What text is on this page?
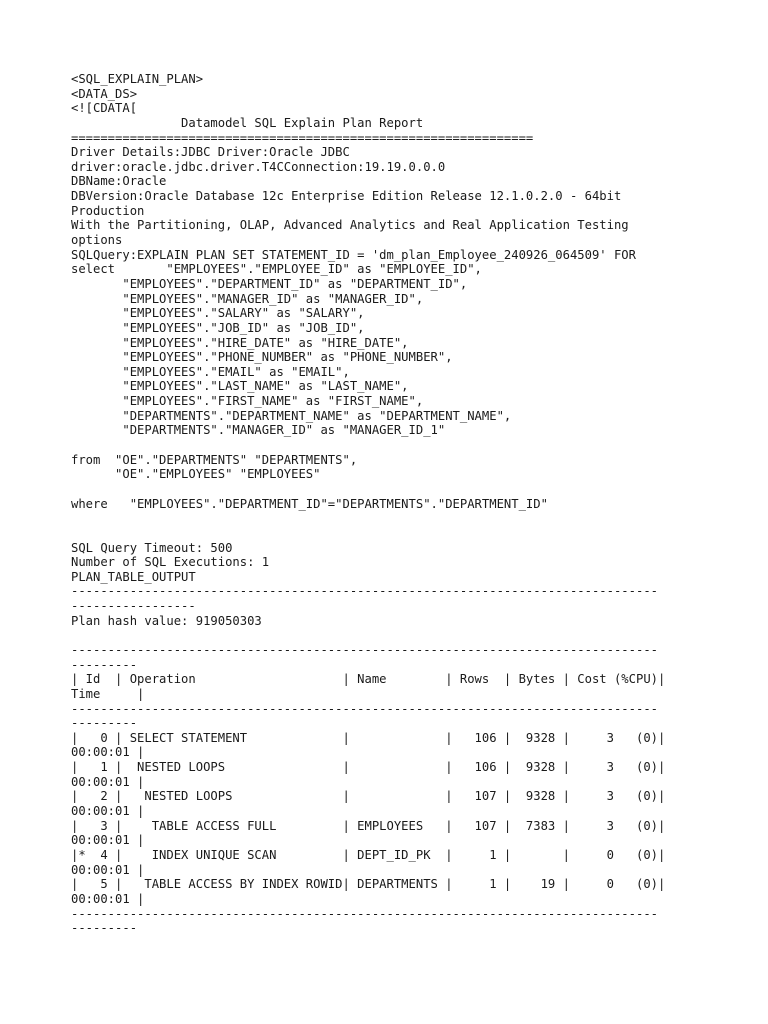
<SQL_EXPLAIN_PLAN>
<DATA_DS>
<![CDATA[
Datamodel SQL Explain Plan Report
===============================================================
Driver Details:JDBC Driver:Oracle JDBC
driver:oracle.jdbc.driver.T4CConnection:19.19.0.0.0
DBName:Oracle
DBVersion:Oracle Database 12c Enterprise Edition Release 12.1.0.2.0 - 64bit
Production
With the Partitioning, OLAP, Advanced Analytics and Real Application Testing
options
SQLQuery:EXPLAIN PLAN SET STATEMENT_ID = 'dm_plan_Employee_240926_064509' FOR
select       "EMPLOYEES"."EMPLOYEE_ID" as "EMPLOYEE_ID",
"EMPLOYEES"."DEPARTMENT_ID" as "DEPARTMENT_ID",
"EMPLOYEES"."MANAGER_ID" as "MANAGER_ID",
"EMPLOYEES"."SALARY" as "SALARY",
"EMPLOYEES"."JOB_ID" as "JOB_ID",
"EMPLOYEES"."HIRE_DATE" as "HIRE_DATE",
"EMPLOYEES"."PHONE_NUMBER" as "PHONE_NUMBER",
"EMPLOYEES"."EMAIL" as "EMAIL",
"EMPLOYEES"."LAST_NAME" as "LAST_NAME",
"EMPLOYEES"."FIRST_NAME" as "FIRST_NAME",
"DEPARTMENTS"."DEPARTMENT_NAME" as "DEPARTMENT_NAME",
"DEPARTMENTS"."MANAGER_ID" as "MANAGER_ID_1"
from  "OE"."DEPARTMENTS" "DEPARTMENTS",
"OE"."EMPLOYEES" "EMPLOYEES"
where   "EMPLOYEES"."DEPARTMENT_ID"="DEPARTMENTS"."DEPARTMENT_ID"
SQL Query Timeout: 500
Number of SQL Executions: 1
PLAN_TABLE_OUTPUT
--------------------------------------------------------------------------------
-----------------
Plan hash value: 919050303
--------------------------------------------------------------------------------
---------
| Id  | Operation                    | Name        | Rows  | Bytes | Cost (%CPU)|
Time     |
--------------------------------------------------------------------------------
---------
|   0 | SELECT STATEMENT             |             |   106 |  9328 |     3   (0)|
00:00:01 |
|   1 |  NESTED LOOPS                |             |   106 |  9328 |     3   (0)|
00:00:01 |
|   2 |   NESTED LOOPS               |             |   107 |  9328 |     3   (0)|
00:00:01 |
|   3 |    TABLE ACCESS FULL         | EMPLOYEES   |   107 |  7383 |     3   (0)|
00:00:01 |
|*  4 |    INDEX UNIQUE SCAN         | DEPT_ID_PK  |     1 |       |     0   (0)|
00:00:01 |
|   5 |   TABLE ACCESS BY INDEX ROWID| DEPARTMENTS |     1 |    19 |     0   (0)|
00:00:01 |
--------------------------------------------------------------------------------
---------
